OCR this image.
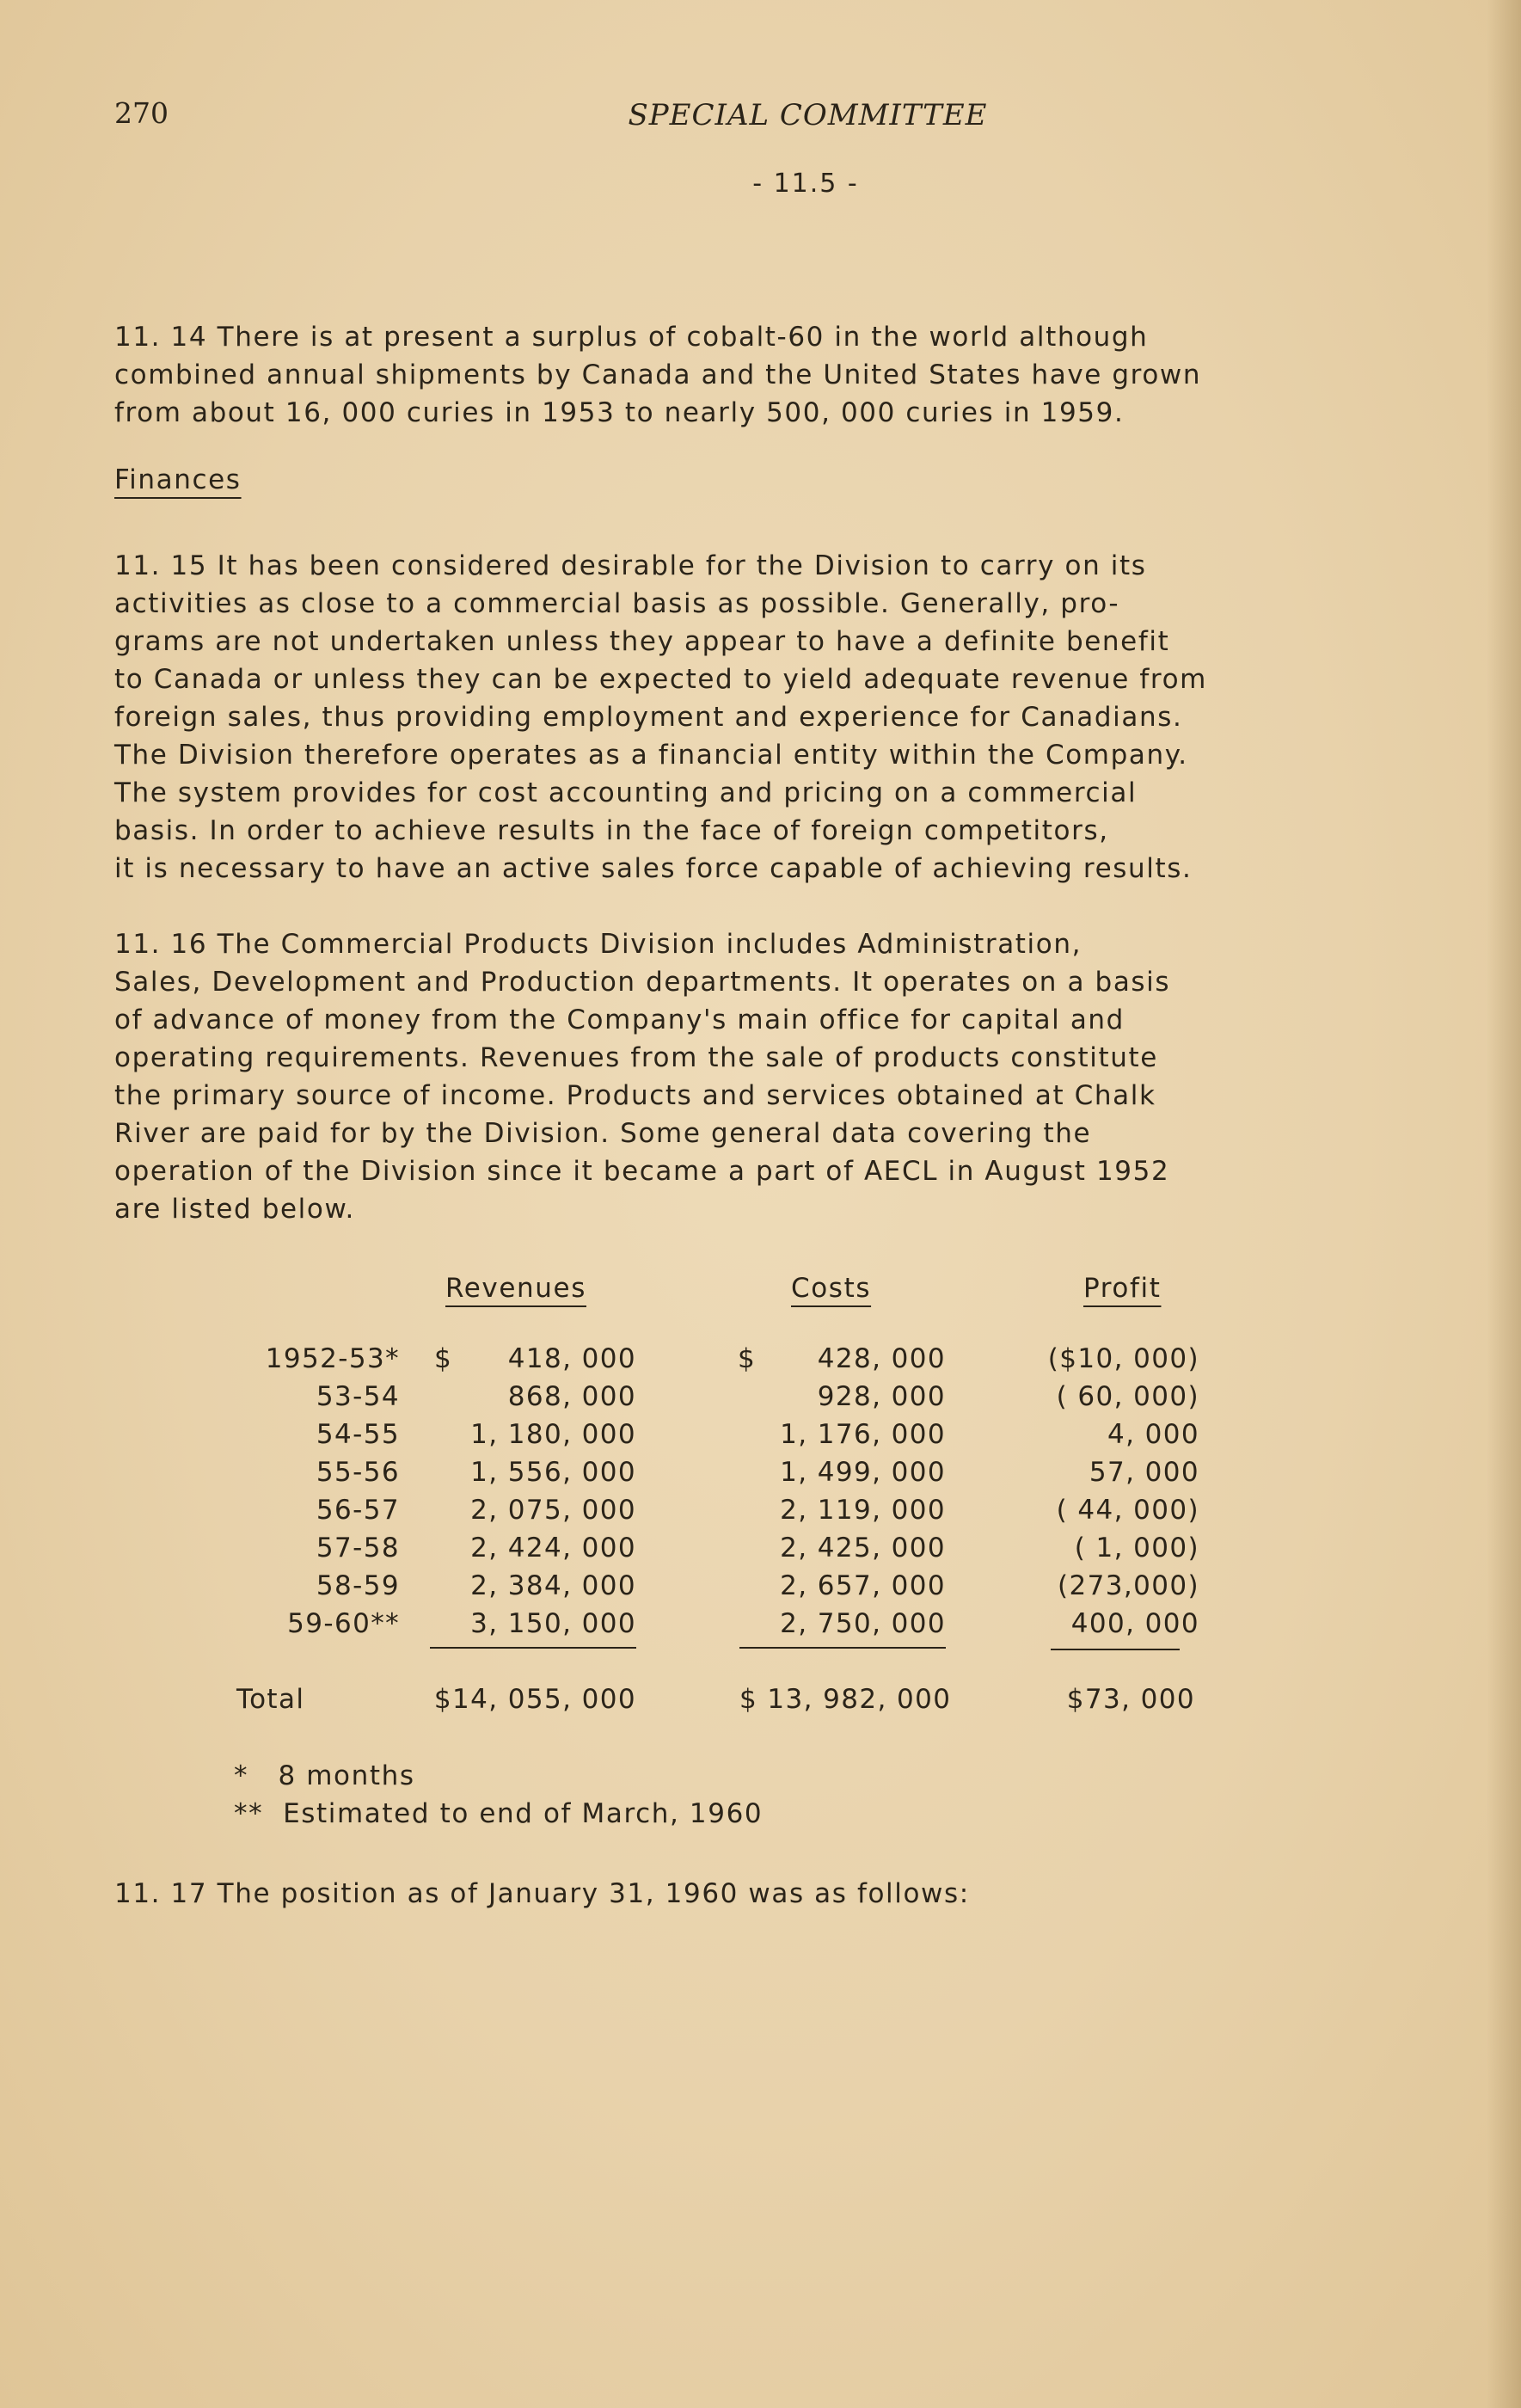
270	SPECIAL COMMITTEE
- 11.5 -
11. 14 There is at present a surplus of cobalt-60 in the world although
combined annual shipments by Canada and the United States have grown
from about 16, 000 curies in 1953 to nearly 500, 000 curies in 1959.
Finances
11. 15 It has been considered desirable for the Division to carry on its
activities as close to a commercial basis as possible. Generally, pro-
grams are not undertaken unless they appear to have a definite benefit
to Canada or unless they can be expected to yield adequate revenue from
foreign sales, thus providing employment and experience for Canadians.
The Division therefore operates as a financial entity within the Company.
The system provides for cost accounting and pricing on a commercial
basis. In order to achieve results in the face of foreign competitors,
it is necessary to have an active sales force capable of achieving results.
11. 16 The Commercial Products Division includes Administration,
Sales, Development and Production departments. It operates on a basis
of advance of money from the Company's main office for capital and
operating requirements. Revenues from the sale of products constitute
the primary source of income. Products and services obtained at Chalk
River are paid for by the Division. Some general data covering the
operation of the Division since it became a part of AECL in August 1952
are listed below.
Revenues	Costs	Profit
1952-53* $	418, 000	$	428, 000	($10, 000)
53-54	868, 000	928, 000	( 60, 000)
54-55	1, 180, 000	1, 176, 000	4, 000
55-56	1, 556, 000	1, 499, 000	57, 000
56-57	2, 075, 000	2, 119, 000	( 44, 000)
57-58	2, 424, 000	2, 425, 000	( 1, 000)
58-59	2, 384, 000	2, 657, 000	(273,000)
59-60**	3, 150, 000	2, 750, 000	400, 000
Total	$14, 055, 000	$ 13, 982, 000	$73, 000
*   8 months
**  Estimated to end of March, 1960
11. 17 The position as of January 31, 1960 was as follows:
